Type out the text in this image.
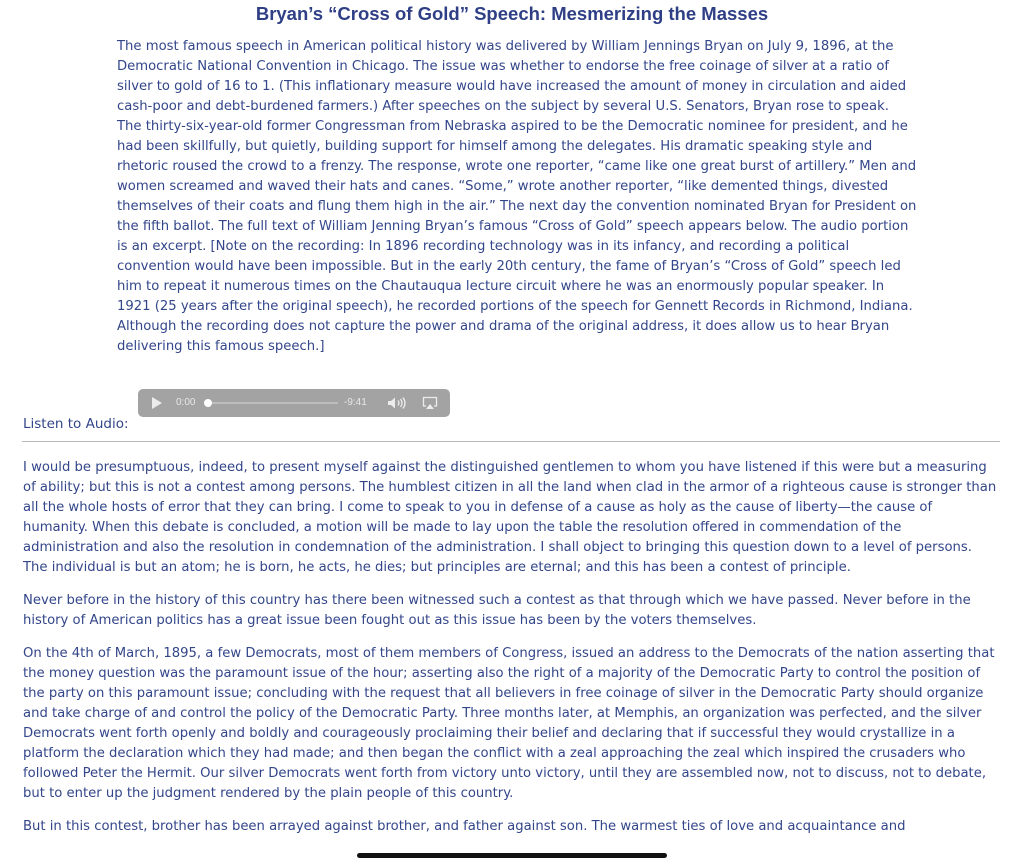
Bryan’s “Cross of Gold” Speech: Mesmerizing the Masses

The most famous speech in American political history was delivered by William Jennings Bryan on July 9, 1896, at the Democratic National Convention in Chicago. The issue was whether to endorse the free coinage of silver at a ratio of silver to gold of 16 to 1. (This inflationary measure would have increased the amount of money in circulation and aided cash-poor and debt-burdened farmers.) After speeches on the subject by several U.S. Senators, Bryan rose to speak. The thirty-six-year-old former Congressman from Nebraska aspired to be the Democratic nominee for president, and he had been skillfully, but quietly, building support for himself among the delegates. His dramatic speaking style and rhetoric roused the crowd to a frenzy. The response, wrote one reporter, “came like one great burst of artillery.” Men and women screamed and waved their hats and canes. “Some,” wrote another reporter, “like demented things, divested themselves of their coats and flung them high in the air.” The next day the convention nominated Bryan for President on the fifth ballot. The full text of William Jenning Bryan’s famous “Cross of Gold” speech appears below. The audio portion is an excerpt. [Note on the recording: In 1896 recording technology was in its infancy, and recording a political convention would have been impossible. But in the early 20th century, the fame of Bryan’s “Cross of Gold” speech led him to repeat it numerous times on the Chautauqua lecture circuit where he was an enormously popular speaker. In 1921 (25 years after the original speech), he recorded portions of the speech for Gennett Records in Richmond, Indiana. Although the recording does not capture the power and drama of the original address, it does allow us to hear Bryan delivering this famous speech.]

0:00	-9:41
Listen to Audio:

I would be presumptuous, indeed, to present myself against the distinguished gentlemen to whom you have listened if this were but a measuring of ability; but this is not a contest among persons. The humblest citizen in all the land when clad in the armor of a righteous cause is stronger than all the whole hosts of error that they can bring. I come to speak to you in defense of a cause as holy as the cause of liberty—the cause of humanity. When this debate is concluded, a motion will be made to lay upon the table the resolution offered in commendation of the administration and also the resolution in condemnation of the administration. I shall object to bringing this question down to a level of persons. The individual is but an atom; he is born, he acts, he dies; but principles are eternal; and this has been a contest of principle.

Never before in the history of this country has there been witnessed such a contest as that through which we have passed. Never before in the history of American politics has a great issue been fought out as this issue has been by the voters themselves.

On the 4th of March, 1895, a few Democrats, most of them members of Congress, issued an address to the Democrats of the nation asserting that the money question was the paramount issue of the hour; asserting also the right of a majority of the Democratic Party to control the position of the party on this paramount issue; concluding with the request that all believers in free coinage of silver in the Democratic Party should organize and take charge of and control the policy of the Democratic Party. Three months later, at Memphis, an organization was perfected, and the silver Democrats went forth openly and boldly and courageously proclaiming their belief and declaring that if successful they would crystallize in a platform the declaration which they had made; and then began the conflict with a zeal approaching the zeal which inspired the crusaders who followed Peter the Hermit. Our silver Democrats went forth from victory unto victory, until they are assembled now, not to discuss, not to debate, but to enter up the judgment rendered by the plain people of this country.

But in this contest, brother has been arrayed against brother, and father against son. The warmest ties of love and acquaintance and
